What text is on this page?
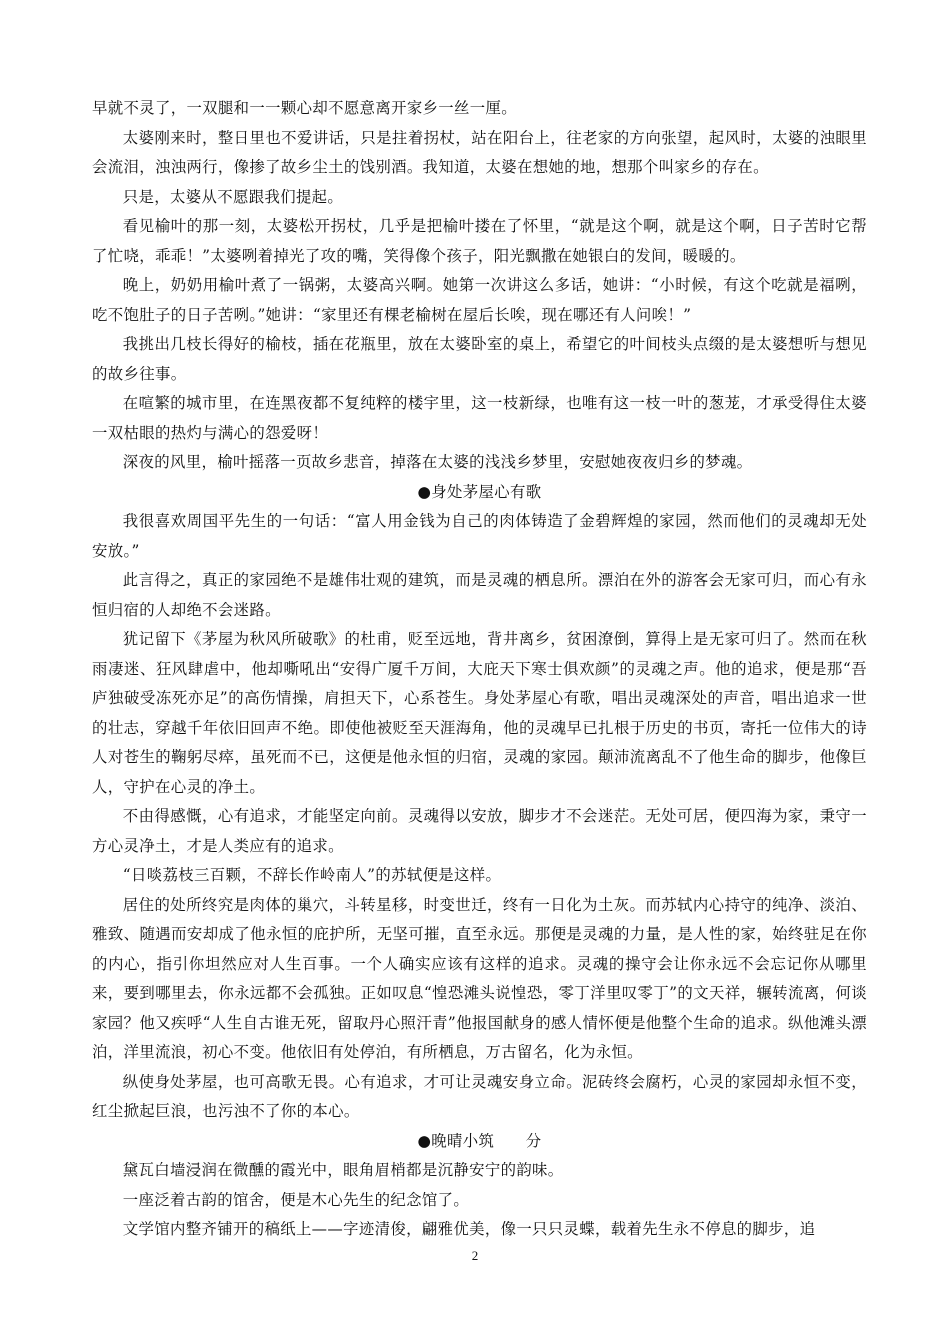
早就不灵了，一双腿和一一颗心却不愿意离开家乡一丝一厘。

太婆刚来时，整日里也不爱讲话，只是拄着拐杖，站在阳台上，往老家的方向张望，起风时，太婆的浊眼里会流泪，浊浊两行，像掺了故乡尘土的饯别酒。我知道，太婆在想她的地，想那个叫家乡的存在。

只是，太婆从不愿跟我们提起。

看见榆叶的那一刻，太婆松开拐杖，几乎是把榆叶搂在了怀里，“就是这个啊，就是这个啊，日子苦时它帮了忙哓，乖乖！”太婆咧着掉光了攻的嘴，笑得像个孩子，阳光飘撒在她银白的发间，暖暖的。

晚上，奶奶用榆叶煮了一锅粥，太婆高兴啊。她第一次讲这么多话，她讲：“小时候，有这个吃就是福咧，吃不饱肚子的日子苦咧。”她讲：“家里还有棵老榆树在屋后长唉，现在哪还有人问唉！”

我挑出几枝长得好的榆枝，插在花瓶里，放在太婆卧室的桌上，希望它的叶间枝头点缀的是太婆想听与想见的故乡往事。

在喧繁的城市里，在连黑夜都不复纯粹的楼宇里，这一枝新绿，也唯有这一枝一叶的葱茏，才承受得住太婆一双枯眼的热灼与满心的怨爱呀！

深夜的风里，榆叶摇落一页故乡悲音，掉落在太婆的浅浅乡梦里，安慰她夜夜归乡的梦魂。

●身处茅屋心有歌

我很喜欢周国平先生的一句话：“富人用金钱为自己的肉体铸造了金碧辉煌的家园，然而他们的灵魂却无处安放。”

此言得之，真正的家园绝不是雄伟壮观的建筑，而是灵魂的栖息所。漂泊在外的游客会无家可归，而心有永恒归宿的人却绝不会迷路。

犹记留下《茅屋为秋风所破歌》的杜甫，贬至远地，背井离乡，贫困潦倒，算得上是无家可归了。然而在秋雨凄迷、狂风肆虐中，他却嘶吼出“安得广厦千万间，大庇天下寒士俱欢颜”的灵魂之声。他的追求，便是那“吾庐独破受冻死亦足”的高伤情操，肩担天下，心系苍生。身处茅屋心有歌，唱出灵魂深处的声音，唱出追求一世的壮志，穿越千年依旧回声不绝。即使他被贬至天涯海角，他的灵魂早已扎根于历史的书页，寄托一位伟大的诗人对苍生的鞠躬尽瘁，虽死而不已，这便是他永恒的归宿，灵魂的家园。颠沛流离乱不了他生命的脚步，他像巨人，守护在心灵的净土。

不由得感慨，心有追求，才能坚定向前。灵魂得以安放，脚步才不会迷茫。无处可居，便四海为家，秉守一方心灵净土，才是人类应有的追求。

“日啖荔枝三百颗，不辞长作岭南人”的苏轼便是这样。

居住的处所终究是肉体的巢穴，斗转星移，时变世迁，终有一日化为土灰。而苏轼内心持守的纯净、淡泊、雅致、随遇而安却成了他永恒的庇护所，无坚可摧，直至永远。那便是灵魂的力量，是人性的家，始终驻足在你的内心，指引你坦然应对人生百事。一个人确实应该有这样的追求。灵魂的操守会让你永远不会忘记你从哪里来，要到哪里去，你永远都不会孤独。正如叹息“惶恐滩头说惶恐，零丁洋里叹零丁”的文天祥，辗转流离，何谈家园？他又疾呼“人生自古谁无死，留取丹心照汗青”他报国献身的感人情怀便是他整个生命的追求。纵他滩头漂泊，洋里流浪，初心不变。他依旧有处停泊，有所栖息，万古留名，化为永恒。

纵使身处茅屋，也可高歌无畏。心有追求，才可让灵魂安身立命。泥砖终会腐朽，心灵的家园却永恒不变，红尘掀起巨浪，也污浊不了你的本心。

●晚晴小筑　　分

黛瓦白墙浸润在微醺的霞光中，眼角眉梢都是沉静安宁的韵味。

一座泛着古韵的馆舍，便是木心先生的纪念馆了。

文学馆内整齐铺开的稿纸上——字迹清俊，翩雅优美，像一只只灵蝶，载着先生永不停息的脚步，追

2
